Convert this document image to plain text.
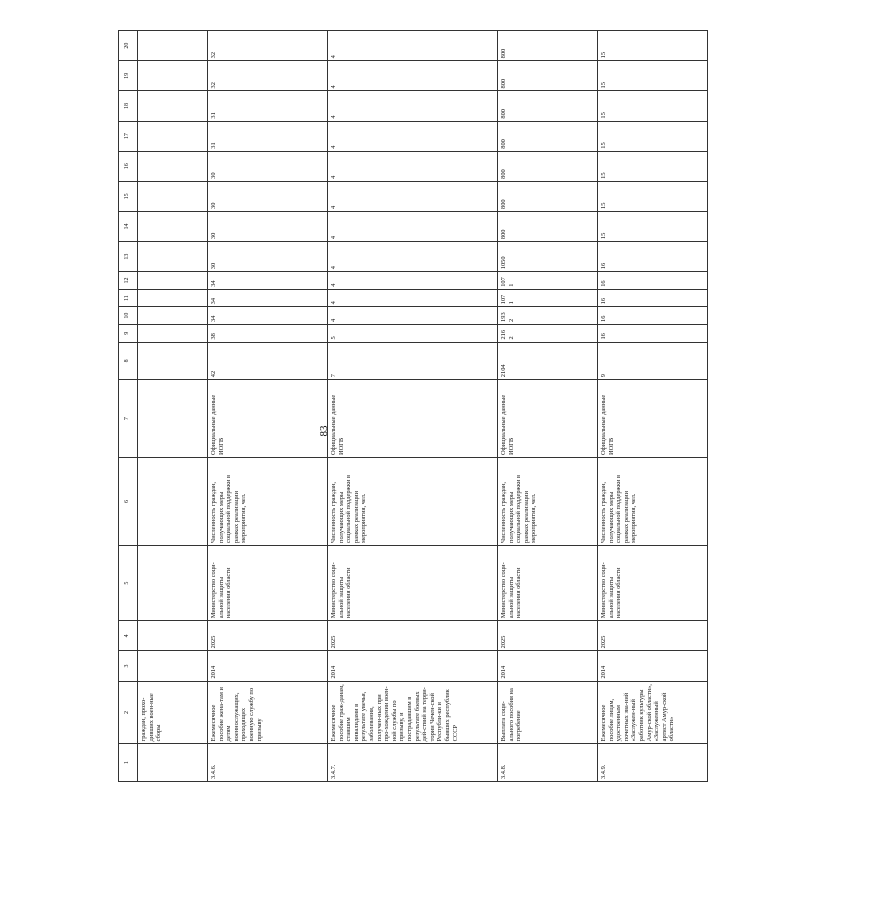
83
1	2	3	4	5	6	7	8	9	10	11	12	13	14	15	16	17	18	19	20
	граждан, прохо-дивших воен-ные сборы																		
3.4.6.	Ежемесячное пособие жена-там и детям военнослужащих, проходящих военную службу по призыву	2014	2025	Министерство соци-альной защиты населения области	Численность граждан, получающих меры социальной поддержки в рамках реализации мероприятия, чел.	Официальные данные ИОГВ	42	38	34	34	34	30	30	30	30	31	31	32	32
3.4.7.	Ежемесячное пособие граж-данам, ставшим инвалидами в результате увечья, заболевания, получен-ных при про-хождении воен-ной службы по призыву, и пострадавшим в результате боевых дей-ствий на терри-тории Чечен-ской Республи-ки и бывших республик СССР	2014	2025	Министерство соци-альной защиты населения области	Численность граждан, получающих меры социальной поддержки в рамках реализации мероприятия, чел.	Официальные данные ИОГВ	7	5	4	4	4	4	4	4	4	4	4	4	4
3.4.8.	Выплата соци-ального пособия на погребение	2014	2025	Министерство соци-альной защиты населения области	Численность граждан, получающих меры социальной поддержки в рамках реализации мероприятия, чел.	Официальные данные ИОГВ	2104	2162	1932	1071	1071	1050	800	800	800	800	800	800	800
3.4.9.	Ежемесячное пособие лицам, удостоенным почетных зва-ний «Заслужен-ный работник культуры Амур-ской области», «Заслуженный артист Амур-ской области»	2014	2025	Министерство соци-альной защиты населения области	Численность граждан, получающих меры социальной поддержки в рамках реализации мероприятия, чел.	Официальные данные ИОГВ	9	16	16	16	16	16	15	15	15	15	15	15	15
